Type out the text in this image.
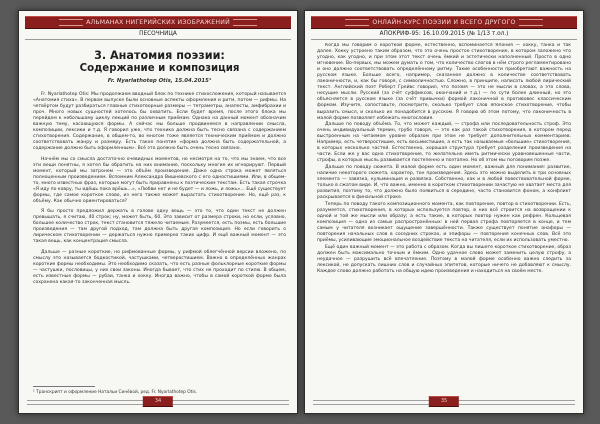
АЛЬМАНАХ НИГЕРИЙСКИХ ИЗОБРАЖЕНИЙ
ПЕСОЧНИЦА
3. Анатомия поэзии:
Содержание и композиция
Fr. Nyarlathotep Otis, 15.04.2015¹

Fr. Nyarlathotep Otis: Мы продолжаем вводный блок по технике стихосложения, который называется «Анатомия стиха». В первом выпуске были основные аспекты оформления и ритм, потом — рифмы. На четвёртом будут разбираться главные стихотворные размеры — тетраметры, анапесты, амфибрахии и проч. Много новых сущностей хотелось бы охватить. Если будет время, после этого блока мы перейдем к небольшому циклу лекций по различным приёмам. Однако на данный момент обозначим важную тему, касающуюся формы. А сейчас мы больше продвинемся в направлении смысла, композиции, лексики и т.д. Я говорил уже, что техника должна быть тесно связана с содержанием стихотворения. Содержание, в общем-то, во многом тоже является техническим приёмом и должно соответствовать жанру и размеру. Есть такое понятие «форма должна быть содержательной, а содержание должно быть оформленным». Всё это должно быть очень тесно связано.

Начнём мы со смысла достаточно очевидных моментов, но несмотря на то, что мы знаем, что все эти вещи понятны, я хотел бы обратить на них внимание, поскольку многие их игнорируют. Первый момент, который мы затронем — это объём произведения. Даже одна строка может являться полноценным произведением. Вспомним Александра Вишневского с его одностишиями. Или, в общем-то, много известных фраз, которые могут быть приравнены к поэтическим текстам. Есть такая строчка «Я иду по ковру, ты идёшь пока врёшь…», «Любви нет и не будет — и ложь, и ложь»… Ещё существует формы, где самое короткое слово, из него также может вырастать стихотворение. Но, ещё раз, к объёму. Как обычно ориентироваться?

Я бы просто предложил держать в голове одну вещь — это то, что один текст не должен превышать, я считаю, 40 строк; ну, может быть, 60. Это зависит от размера строки, но если, условно, большее количество строк, текст становится тяжело читаемым. Разумеется, есть поэмы, есть большие произведения — там другой подход, там должна быть другая композиция. Но если говорить о лирическом стихотворении — держаться нужно примерно таких цифр. И ещё важный момент — это такая вещь, как концентрация смысла.

Дальше — разные короткие, но рифмованные формы, у рифмой облегчённой версии вложено, по смыслу это называется бодкостикой, частушками, четверостишием. Важно в определённых жанрах короткие формы необходимы. Это необходимо сказать, что есть разные фольклорные короткие формы — частушки, пословицы, у них свои законы. Иногда бывает, что стих не проходит по стилю. В общем, есть известные формы — рубаи, танка и хокку. Иногда важно, чтобы в самой короткой форме была сохранена какая-то законченная мысль.

¹ Транскрипт и оформление Натальи Синёвой, ред. Fr. Nyarlathotep Otis.
34
ОНЛАЙН-КУРС ПОЭЗИИ И ВСЕГО ДРУГОГО
АПОКРИФ-95: 16.10.09.2015 (№ 1/13 т.ол.)

Когда мы говорим о короткой форме, естественно, вспоминается Япония — хокку, танка и так далее. Хокку устроено таким образом, что это очень простое стихотворение, в котором заложено что угодно, как угодно, и при этом этот текст очень ёмкий и эстетически наполненный. Просто в одно мгновение. Во-первых, мы можем думать о том, что количество слогов в нём строго регламентировано и оно должно соответствовать определённому ритму. Такие особенности приобретают важность на русском языке. Больше всего, например, сказанное должно в количестве соответствовать лаконичности, и, как бы говоря, с символичностью. Сложно, в принципе, написать любой лирический текст. Английский поэт Роберт Грейвс говорил, что поэзия — это не мысли в словах, а это слова, несущие мысли. Русский (за счёт суффиксов, окончаний и т.д.) — по сути более длинный, но это объясняется в русском языке (за счёт привычки) формой лаконичной в противовес классическим формам. Изучите, сопоставьте, посмотрите, сколько требует слов японское стихотворение, чтобы выразить смысл, и сколько их понадобится в русском. Я говорю об этом потому, что лаконичность в малой форме позволяет избежать многословия.

Дальше по поводу объёма. То, что может каждый, — строфа или последовательность строф. Это очень индивидуальный термин, грубо говоря, — это как раз такой стихотворения, в котором перед выстроенным на читаемом уровне образом при этом не требует дополнительных комментариев. Например, есть четверостишие, есть восьмистишие, а есть так называемые «большие» стихотворения, в которых несколько частей. Естественно, хорошая структура требует разделения произведения на части. Если же у вас одно стихотворение, то желательно иметь ритмически уравновешенные части, строфы, в которых мысль развивается постепенно и поэтапно. Но об этом мы поговорим позже.

Дальше по поводу сюжета. В малой форме есть один момент, важный для понимания: развитие, наличие некоторого сюжета, характер, тон произведения. Здесь это можно выделить в три основных элемента — завязка, кульминация и развязка. Собственно, как и в любой повествовательной форме, только в сжатом виде. И, что важно, именно в коротком стихотворении зачастую не хватает места для развития, поэтому то, что должно было появиться в середине, часто становится фоном, а конфликт раскрывается в финальной строке.

Теперь по поводу такого композиционного момента, как повторение, повтор в стихотворении. Есть, разумеется, стихотворения, в которых используется повтор, в них всё строится на возвращении к одной и той же мысли или образу; а есть такие, в которых повтор нужен как рефрен. Кольцевая композиция — одна из самых распространённых: в ней первая строфа повторяется в конце, и тем самым у читателя возникает ощущение завершённости. Также существует понятие анафоры — повторения начальных слов в соседних строках, и эпифоры — повторения конечных слов. Всё это приёмы, усиливающие эмоциональное воздействие текста на читателя, если их использовать уместно.

Ещё один важный момент — это работа с образом. Когда вы пишете короткое стихотворение, образ должен быть максимально точным и ёмким. Одно удачное слово может заменить целую строфу, а неудачное — разрушить всё впечатление. Поэтому в малой форме особенно важно следить за лексикой, не допускать лишних слов и случайных эпитетов, которые ничего не добавляют к смыслу. Каждое слово должно работать на общую идею произведения и находиться на своём месте.

35
